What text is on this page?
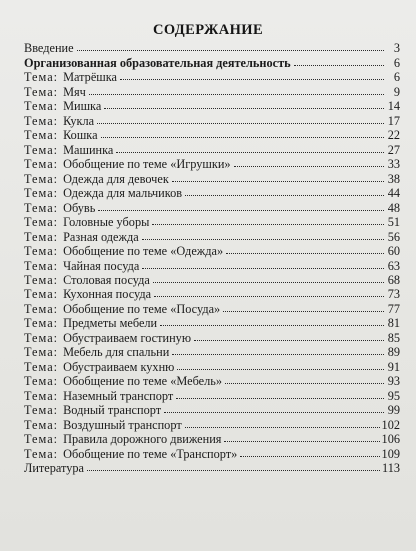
СОДЕРЖАНИЕ
Введение	3
Организованная образовательная деятельность	6
Тема: Матрёшка	6
Тема: Мяч	9
Тема: Мишка	14
Тема: Кукла	17
Тема: Кошка	22
Тема: Машинка	27
Тема: Обобщение по теме «Игрушки»	33
Тема: Одежда для девочек	38
Тема: Одежда для мальчиков	44
Тема: Обувь	48
Тема: Головные уборы	51
Тема: Разная одежда	56
Тема: Обобщение по теме «Одежда»	60
Тема: Чайная посуда	63
Тема: Столовая посуда	68
Тема: Кухонная посуда	73
Тема: Обобщение по теме «Посуда»	77
Тема: Предметы мебели	81
Тема: Обустраиваем гостиную	85
Тема: Мебель для спальни	89
Тема: Обустраиваем кухню	91
Тема: Обобщение по теме «Мебель»	93
Тема: Наземный транспорт	95
Тема: Водный транспорт	99
Тема: Воздушный транспорт	102
Тема: Правила дорожного движения	106
Тема: Обобщение по теме «Транспорт»	109
Литература	113
